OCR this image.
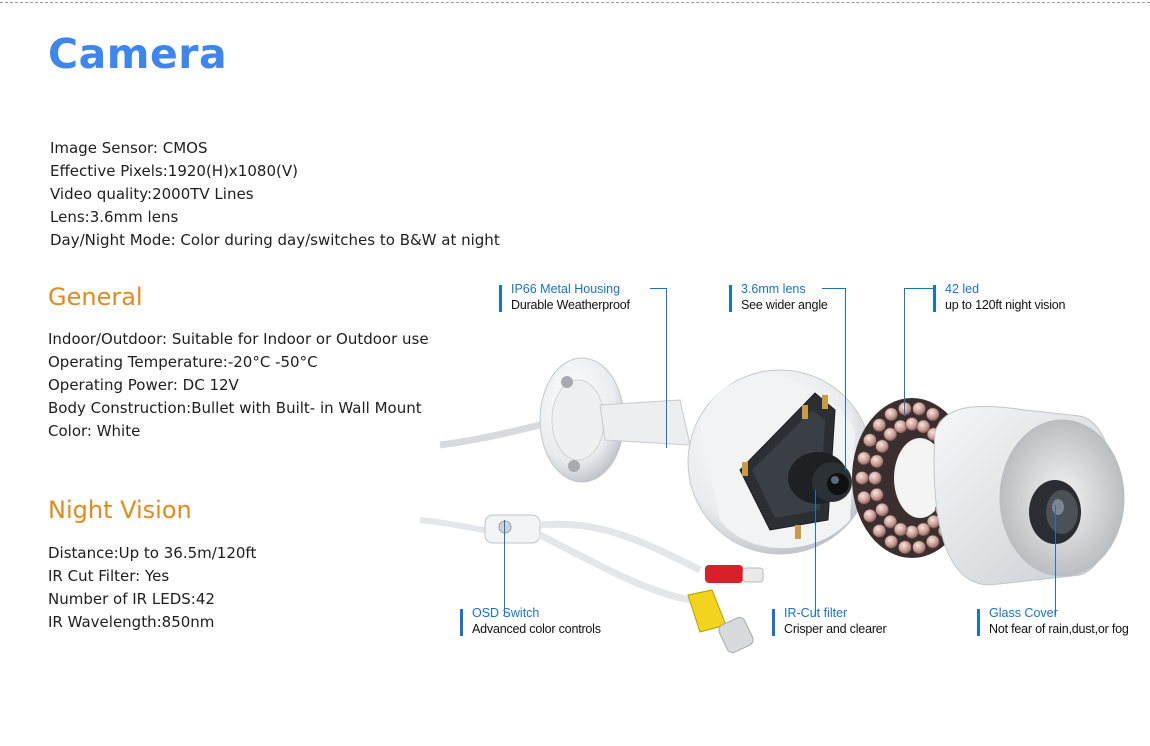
Camera
Image Sensor: CMOS
Effective Pixels:1920(H)x1080(V)
Video quality:2000TV Lines
Lens:3.6mm lens
Day/Night Mode: Color during day/switches to B&W at night
General
Indoor/Outdoor: Suitable for Indoor or Outdoor use
Operating Temperature:-20°C -50°C
Operating Power: DC 12V
Body Construction:Bullet with Built- in Wall Mount
Color: White
Night Vision
Distance:Up to 36.5m/120ft
IR Cut Filter: Yes
Number of IR LEDS:42
IR Wavelength:850nm
IP66 Metal Housing
Durable Weatherproof
3.6mm lens
See wider angle
42 led
up to 120ft night vision
OSD Switch
Advanced color controls
IR-Cut filter
Crisper and clearer
Glass Cover
Not fear of rain,dust,or fog
